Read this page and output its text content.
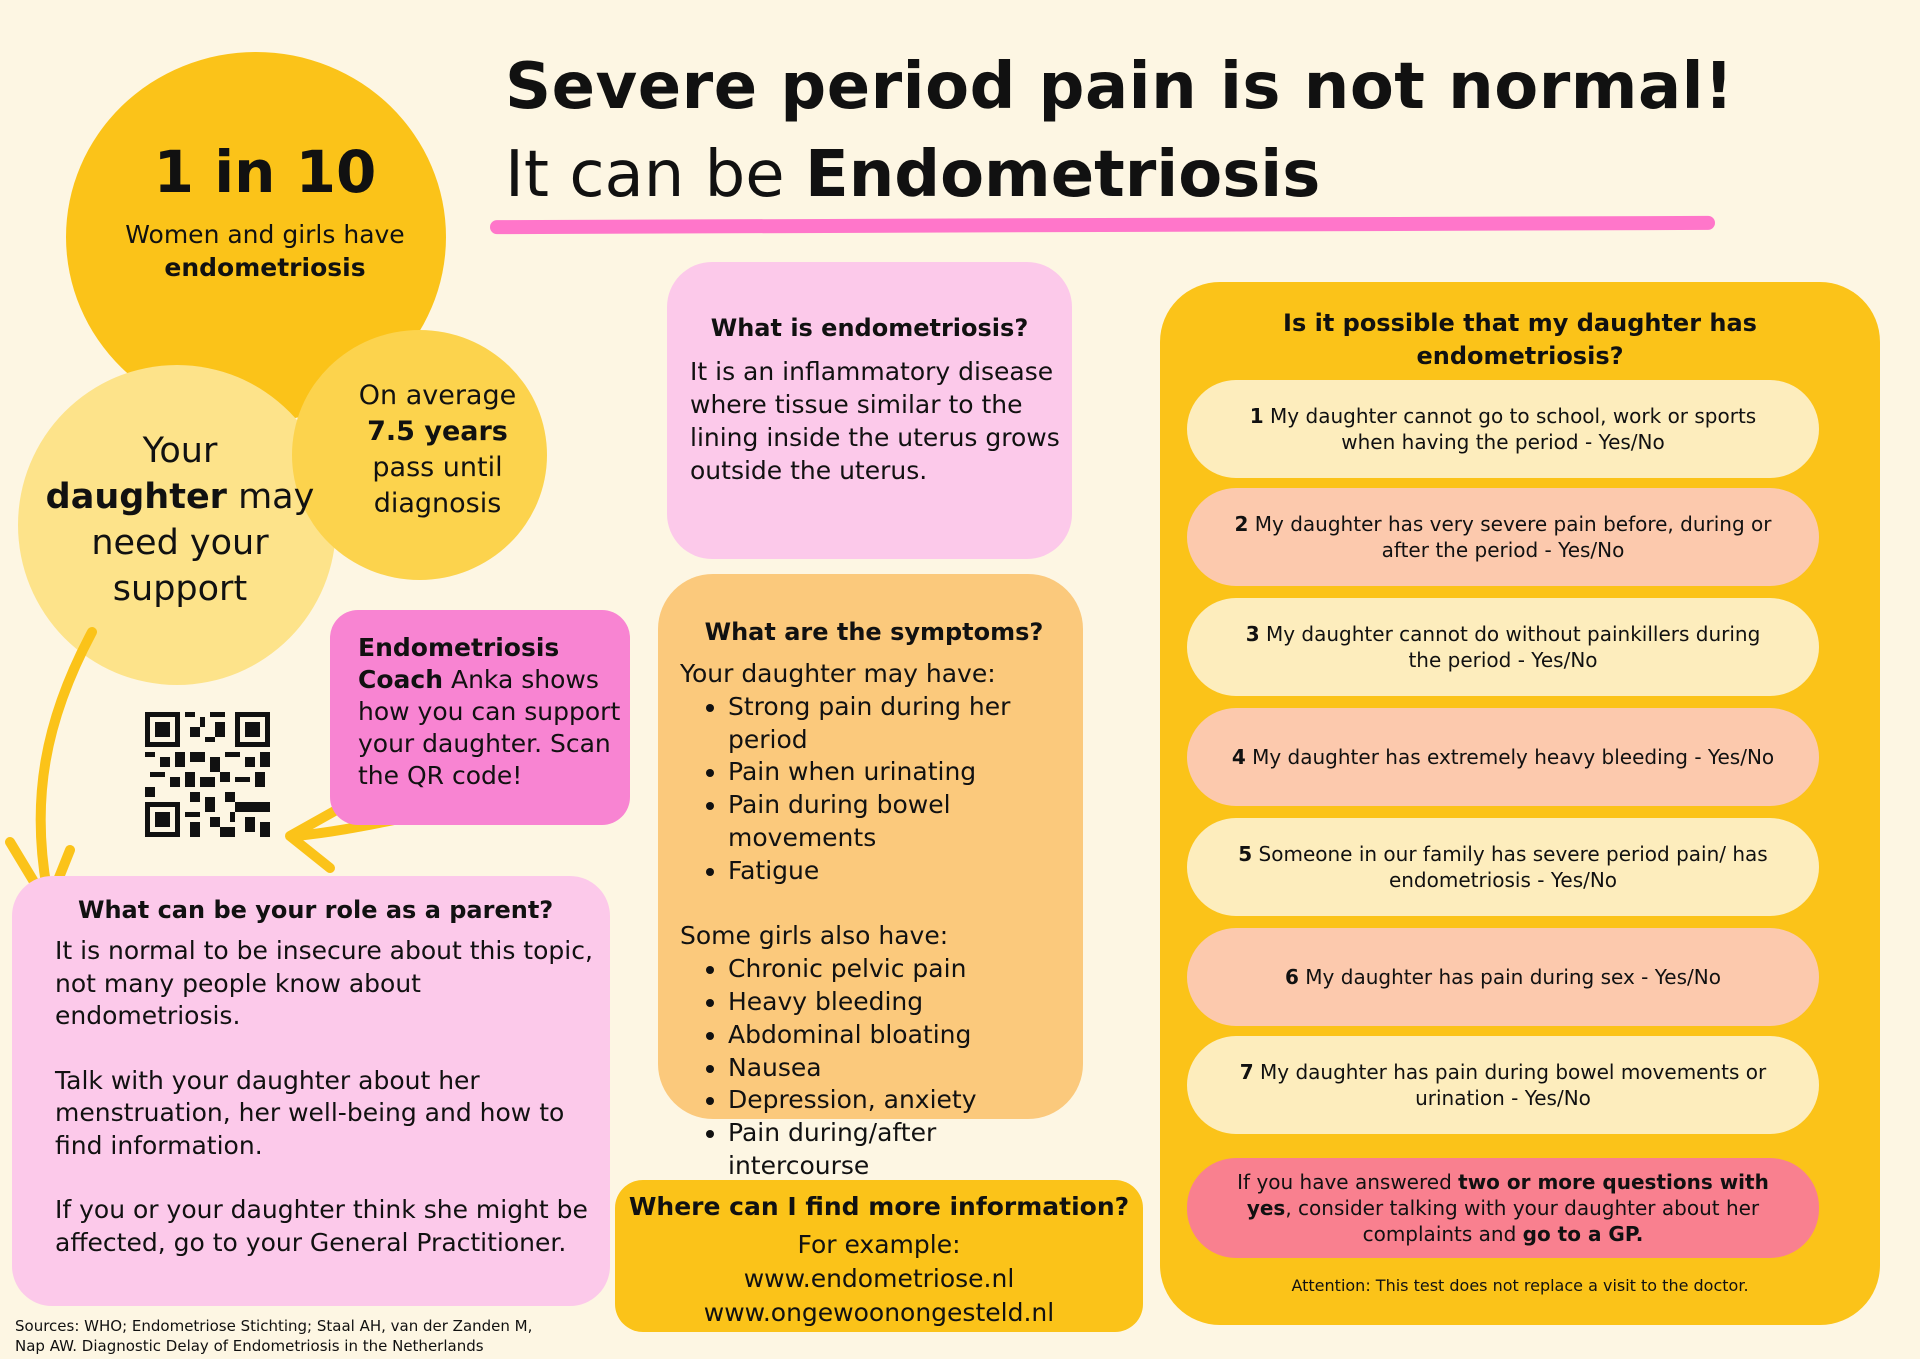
Severe period pain is not normal!
It can be Endometriosis
1 in 10
Women and girls have
endometriosis
On average
7.5 years
pass until
diagnosis
Your
daughter may
need your
support
Endometriosis Coach Anka shows how you can support your daughter. Scan the QR code!
What can be your role as a parent?

It is normal to be insecure about this topic, not many people know about endometriosis.

Talk with your daughter about her menstruation, her well-being and how to find information.

If you or your daughter think she might be affected, go to your General Practitioner.

Sources: WHO; Endometriose Stichting; Staal AH, van der Zanden M, Nap AW. Diagnostic Delay of Endometriosis in the Netherlands
What is endometriosis?
It is an inflammatory disease where tissue similar to the lining inside the uterus grows outside the uterus.
What are the symptoms?
Your daughter may have:
• Strong pain during her period
• Pain when urinating
• Pain during bowel movements
• Fatigue
Some girls also have:
• Chronic pelvic pain
• Heavy bleeding
• Abdominal bloating
• Nausea
• Depression, anxiety
• Pain during/after intercourse
Where can I find more information?
For example:
www.endometriose.nl
www.ongewoonongesteld.nl
Is it possible that my daughter has endometriosis?
1 My daughter cannot go to school, work or sports when having the period - Yes/No
2 My daughter has very severe pain before, during or after the period - Yes/No
3 My daughter cannot do without painkillers during the period - Yes/No
4 My daughter has extremely heavy bleeding - Yes/No
5 Someone in our family has severe period pain/ has endometriosis - Yes/No
6 My daughter has pain during sex - Yes/No
7 My daughter has pain during bowel movements or urination - Yes/No
If you have answered two or more questions with yes, consider talking with your daughter about her complaints and go to a GP.
Attention: This test does not replace a visit to the doctor.
